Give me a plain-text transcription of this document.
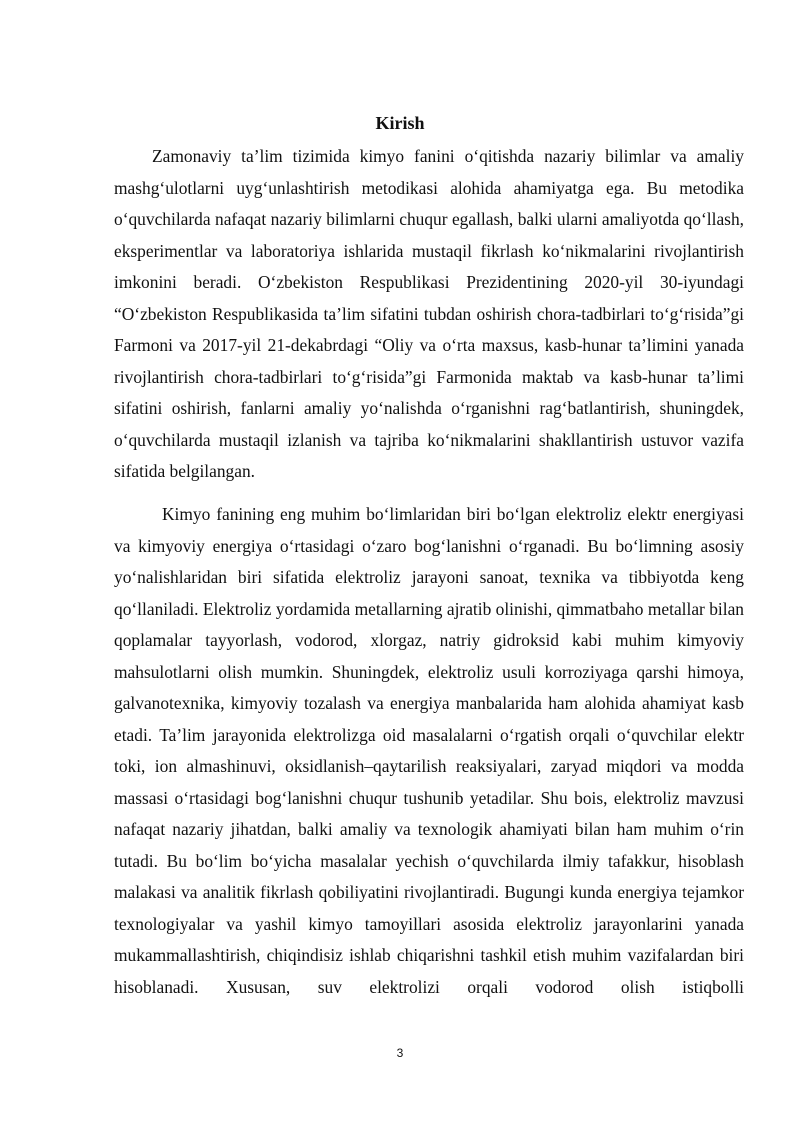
Kirish

Zamonaviy ta’lim tizimida kimyo fanini o‘qitishda nazariy bilimlar va amaliy mashg‘ulotlarni uyg‘unlashtirish metodikasi alohida ahamiyatga ega. Bu metodika o‘quvchilarda nafaqat nazariy bilimlarni chuqur egallash, balki ularni amaliyotda qo‘llash, eksperimentlar va laboratoriya ishlarida mustaqil fikrlash ko‘nikmalarini rivojlantirish imkonini beradi. O‘zbekiston Respublikasi Prezidentining 2020-yil 30-iyundagi “O‘zbekiston Respublikasida ta’lim sifatini tubdan oshirish chora-tadbirlari to‘g‘risida”gi Farmoni va 2017-yil 21-dekabrdagi “Oliy va o‘rta maxsus, kasb-hunar ta’limini yanada rivojlantirish chora-tadbirlari to‘g‘risida”gi Farmonida maktab va kasb-hunar ta’limi sifatini oshirish, fanlarni amaliy yo‘nalishda o‘rganishni rag‘batlantirish, shuningdek, o‘quvchilarda mustaqil izlanish va tajriba ko‘nikmalarini shakllantirish ustuvor vazifa sifatida belgilangan.

Kimyo fanining eng muhim bo‘limlaridan biri bo‘lgan elektroliz elektr energiyasi va kimyoviy energiya o‘rtasidagi o‘zaro bog‘lanishni o‘rganadi. Bu bo‘limning asosiy yo‘nalishlaridan biri sifatida elektroliz jarayoni sanoat, texnika va tibbiyotda keng qo‘llaniladi. Elektroliz yordamida metallarning ajratib olinishi, qimmatbaho metallar bilan qoplamalar tayyorlash, vodorod, xlorgaz, natriy gidroksid kabi muhim kimyoviy mahsulotlarni olish mumkin. Shuningdek, elektroliz usuli korroziyaga qarshi himoya, galvanotexnika, kimyoviy tozalash va energiya manbalarida ham alohida ahamiyat kasb etadi. Ta’lim jarayonida elektrolizga oid masalalarni o‘rgatish orqali o‘quvchilar elektr toki, ion almashinuvi, oksidlanish–qaytarilish reaksiyalari, zaryad miqdori va modda massasi o‘rtasidagi bog‘lanishni chuqur tushunib yetadilar. Shu bois, elektroliz mavzusi nafaqat nazariy jihatdan, balki amaliy va texnologik ahamiyati bilan ham muhim o‘rin tutadi. Bu bo‘lim bo‘yicha masalalar yechish o‘quvchilarda ilmiy tafakkur, hisoblash malakasi va analitik fikrlash qobiliyatini rivojlantiradi. Bugungi kunda energiya tejamkor texnologiyalar va yashil kimyo tamoyillari asosida elektroliz jarayonlarini yanada mukammallashtirish, chiqindisiz ishlab chiqarishni tashkil etish muhim vazifalardan biri hisoblanadi. Xususan, suv elektrolizi orqali vodorod olish istiqbolli

3
